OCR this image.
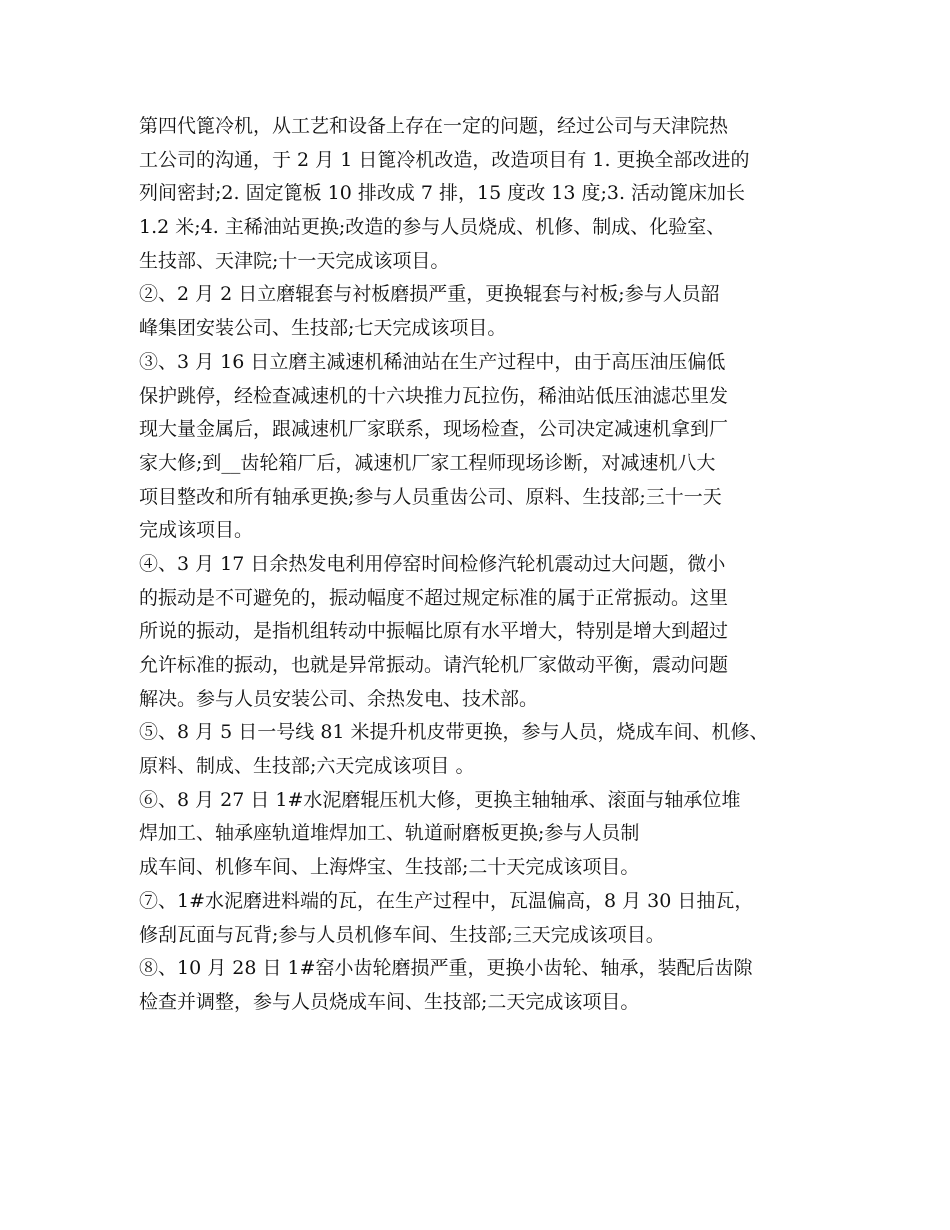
第四代篦冷机，从工艺和设备上存在一定的问题，经过公司与天津院热
工公司的沟通，于 2 月 1 日篦冷机改造，改造项目有 1. 更换全部改进的
列间密封;2. 固定篦板 10 排改成 7 排，15 度改 13 度;3. 活动篦床加长
1.2 米;4. 主稀油站更换;改造的参与人员烧成、机修、制成、化验室、
生技部、天津院;十一天完成该项目。
②、2 月 2 日立磨辊套与衬板磨损严重，更换辊套与衬板;参与人员韶
峰集团安装公司、生技部;七天完成该项目。
③、3 月 16 日立磨主减速机稀油站在生产过程中，由于高压油压偏低
保护跳停，经检查减速机的十六块推力瓦拉伤，稀油站低压油滤芯里发
现大量金属后，跟减速机厂家联系，现场检查，公司决定减速机拿到厂
家大修;到__齿轮箱厂后，减速机厂家工程师现场诊断，对减速机八大
项目整改和所有轴承更换;参与人员重齿公司、原料、生技部;三十一天
完成该项目。
④、3 月 17 日余热发电利用停窑时间检修汽轮机震动过大问题，微小
的振动是不可避免的，振动幅度不超过规定标准的属于正常振动。这里
所说的振动，是指机组转动中振幅比原有水平增大，特别是增大到超过
允许标准的振动，也就是异常振动。请汽轮机厂家做动平衡，震动问题
解决。参与人员安装公司、余热发电、技术部。
⑤、8 月 5 日一号线 81 米提升机皮带更换，参与人员，烧成车间、机修、
原料、制成、生技部;六天完成该项目 。
⑥、8 月 27 日 1#水泥磨辊压机大修，更换主轴轴承、滚面与轴承位堆
焊加工、轴承座轨道堆焊加工、轨道耐磨板更换;参与人员制
成车间、机修车间、上海烨宝、生技部;二十天完成该项目。
⑦、1#水泥磨进料端的瓦，在生产过程中，瓦温偏高，8 月 30 日抽瓦，
修刮瓦面与瓦背;参与人员机修车间、生技部;三天完成该项目。
⑧、10 月 28 日 1#窑小齿轮磨损严重，更换小齿轮、轴承，装配后齿隙
检查并调整，参与人员烧成车间、生技部;二天完成该项目。
